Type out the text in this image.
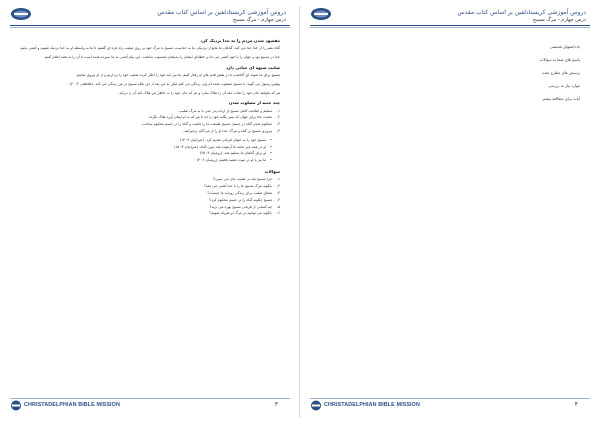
دروس آموزشی کریستادلفین بر اساس کتاب مقدس
درس چهارم - مرگ مسیح
مقصود شدن مردم را به خدا نزدیک کرد

گناه بشر را از خدا جدا می کند. گناهان ما مانع از نزدیکی ما به خداست. مسیح با مرگ خود بر روی صلیب راه تازه ای گشود تا ما به واسطه او به خدا نزدیک شویم و آشتی یابیم.

خدا در مسیح بود و جهان را با خود آشتی می داد و خطایای ایشان را بدیشان محسوب نداشت. این پیام آشتی به ما سپرده شده است تا آن را به همه اعلام کنیم.

صلیب شیوه ای حیاتی دارد

مسیح برای ما نمونه ای گذاشت تا در نقش قدم های او رفتار کنیم. ما نیز باید خود را انکار کرده صلیب خود را برداریم و از او پیروی نماییم.

پولس رسول می گوید: با مسیح مصلوب شده ام ولی زندگی می کنم لیکن نه من بعد از این بلکه مسیح در من زندگی می کند. (غلاطیان ۲: ۲۰)

هر که بخواهد جان خود را نجات دهد آن را هلاک سازد و هر که جان خود را به خاطر من هلاک کند آن را دریابد.

چند جنبه از مصلوب شدن
۱-
تسلیم و اطاعت کامل مسیح از اراده پدر حتی تا به مرگ صلیب.
۲-
محبت خدا برای جهان که پسر یگانه خود را داد تا هر که به او ایمان آورد هلاک نگردد.
۳-
محکوم شدن گناه در جسم؛ مسیح طبیعت ما را داشت و گناه را در جسم محکوم ساخت.
۴-
پیروزی مسیح بر گناه و مرگ؛ خدا او را از مردگان برخیزانید.
•
مسیح خود را به عنوان قربانی تقدیم کرد. (عبرانیان ۹: ۱۴)
•
او در همه چیز مانند ما آزموده شد بدون گناه. (عبرانیان ۴: ۱۵)
•
او برای گناهان ما تسلیم شد. (رومیان ۴: ۲۵)
•
ما نیز با او در موت تعمید یافتیم. (رومیان ۶: ۴)
سؤالات
۱-
چرا مسیح باید بر صلیب جان می سپرد؟
۲-
چگونه مرگ مسیح ما را با خدا آشتی می دهد؟
۳-
معنای صلیب برای زندگی روزانه ما چیست؟
۴-
مسیح چگونه گناه را در جسم محکوم کرد؟
۵-
چه کسانی از قربانی مسیح بهره می برند؟
۶-
چگونه می توانیم در مرگ او شریک شویم؟
CHRISTADELPHIAN BIBLE MISSION	۳
دروس آموزشی کریستادلفین بر اساس کتاب مقدس
درس چهارم - مرگ مسیح
یادداشتهای شخصی
پاسخ های شما به سؤالات
پرسش های مطرح شده
موارد نیاز به بررسی
آیات برای مطالعه بیشتر
CHRISTADELPHIAN BIBLE MISSION	۴
